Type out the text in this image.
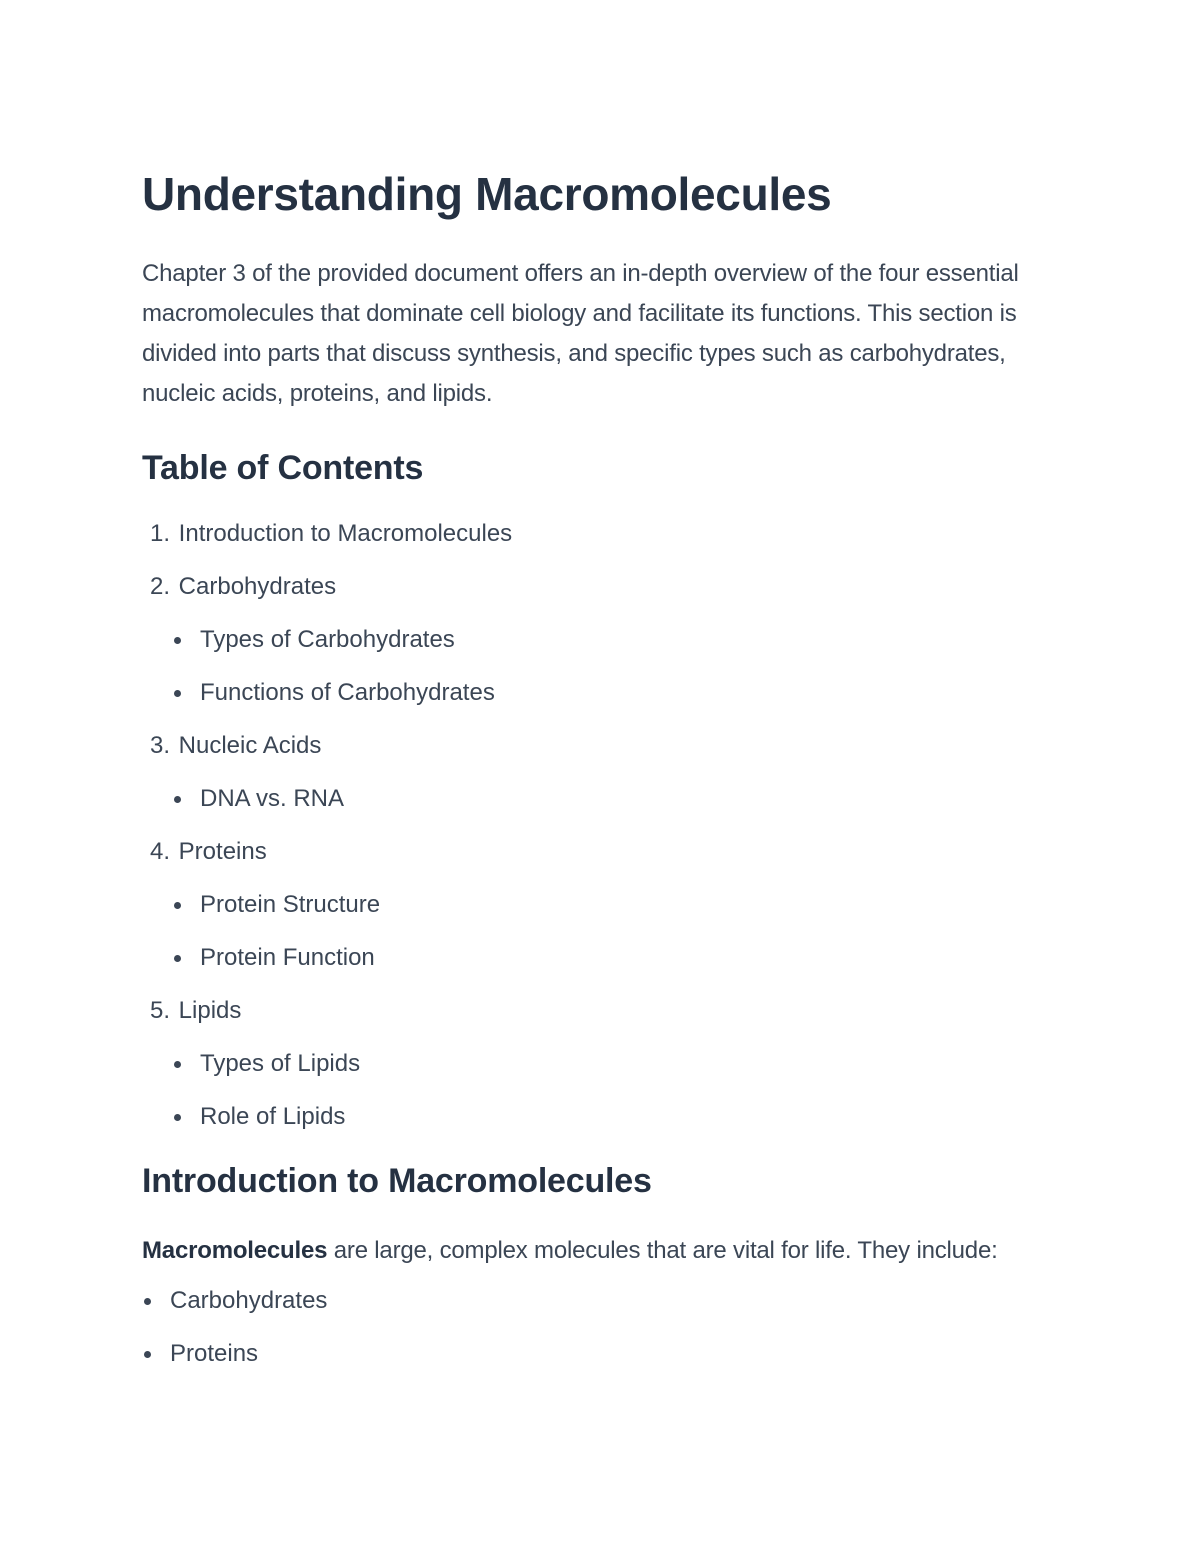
Understanding Macromolecules

Chapter 3 of the provided document offers an in-depth overview of the four essential macromolecules that dominate cell biology and facilitate its functions. This section is divided into parts that discuss synthesis, and specific types such as carbohydrates, nucleic acids, proteins, and lipids.

Table of Contents
1. Introduction to Macromolecules
2. Carbohydrates
Types of Carbohydrates
Functions of Carbohydrates
3. Nucleic Acids
DNA vs. RNA
4. Proteins
Protein Structure
Protein Function
5. Lipids
Types of Lipids
Role of Lipids
Introduction to Macromolecules

Macromolecules are large, complex molecules that are vital for life. They include:

Carbohydrates
Proteins
